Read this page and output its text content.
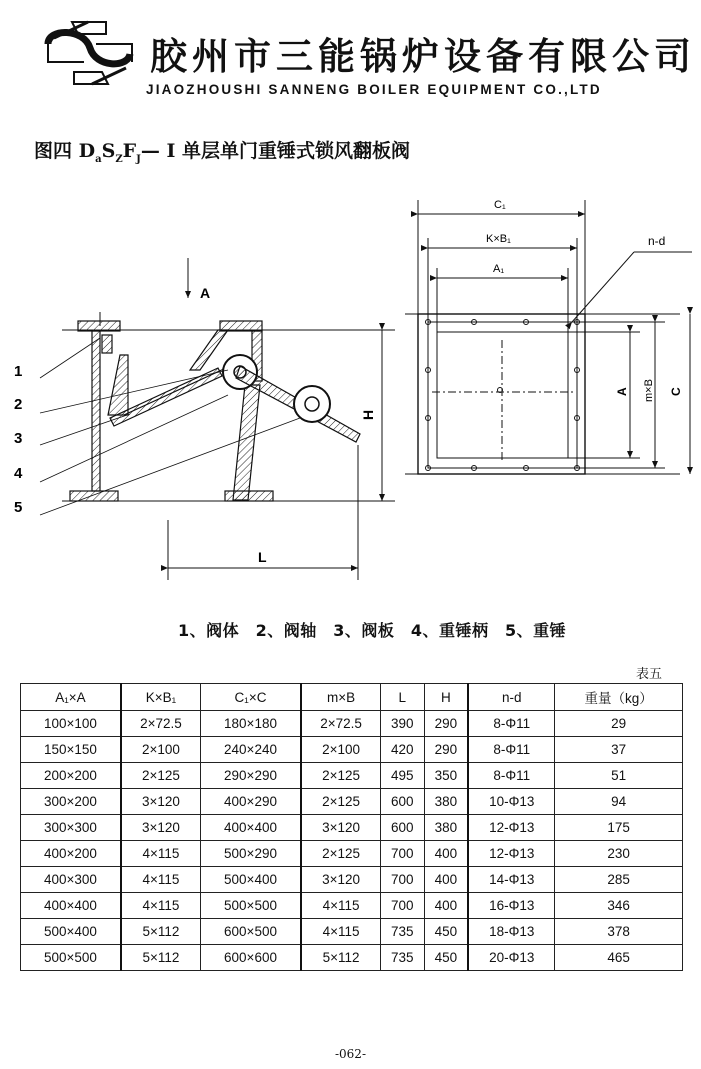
胶州市三能锅炉设备有限公司
JIAOZHOUSHI SANNENG BOILER EQUIPMENT CO.,LTD
图四 $D_aS_ZF_J—$ I 单层单门重锤式锁风翻板阀
A
H
L
1
2
3
4
5
C₁
K×B₁
A₁
n-d
A m×B C
1、阀体　2、阀轴　3、阀板　4、重锤柄　5、重锤
表五
A₁×A	K×B₁	C₁×C	m×B	L	H	n-d	重量（kg）
100×100	2×72.5	180×180	2×72.5	390	290	8-Φ11	29
150×150	2×100	240×240	2×100	420	290	8-Φ11	37
200×200	2×125	290×290	2×125	495	350	8-Φ11	51
300×200	3×120	400×290	2×125	600	380	10-Φ13	94
300×300	3×120	400×400	3×120	600	380	12-Φ13	175
400×200	4×115	500×290	2×125	700	400	12-Φ13	230
400×300	4×115	500×400	3×120	700	400	14-Φ13	285
400×400	4×115	500×500	4×115	700	400	16-Φ13	346
500×400	5×112	600×500	4×115	735	450	18-Φ13	378
500×500	5×112	600×600	5×112	735	450	20-Φ13	465
-062-
